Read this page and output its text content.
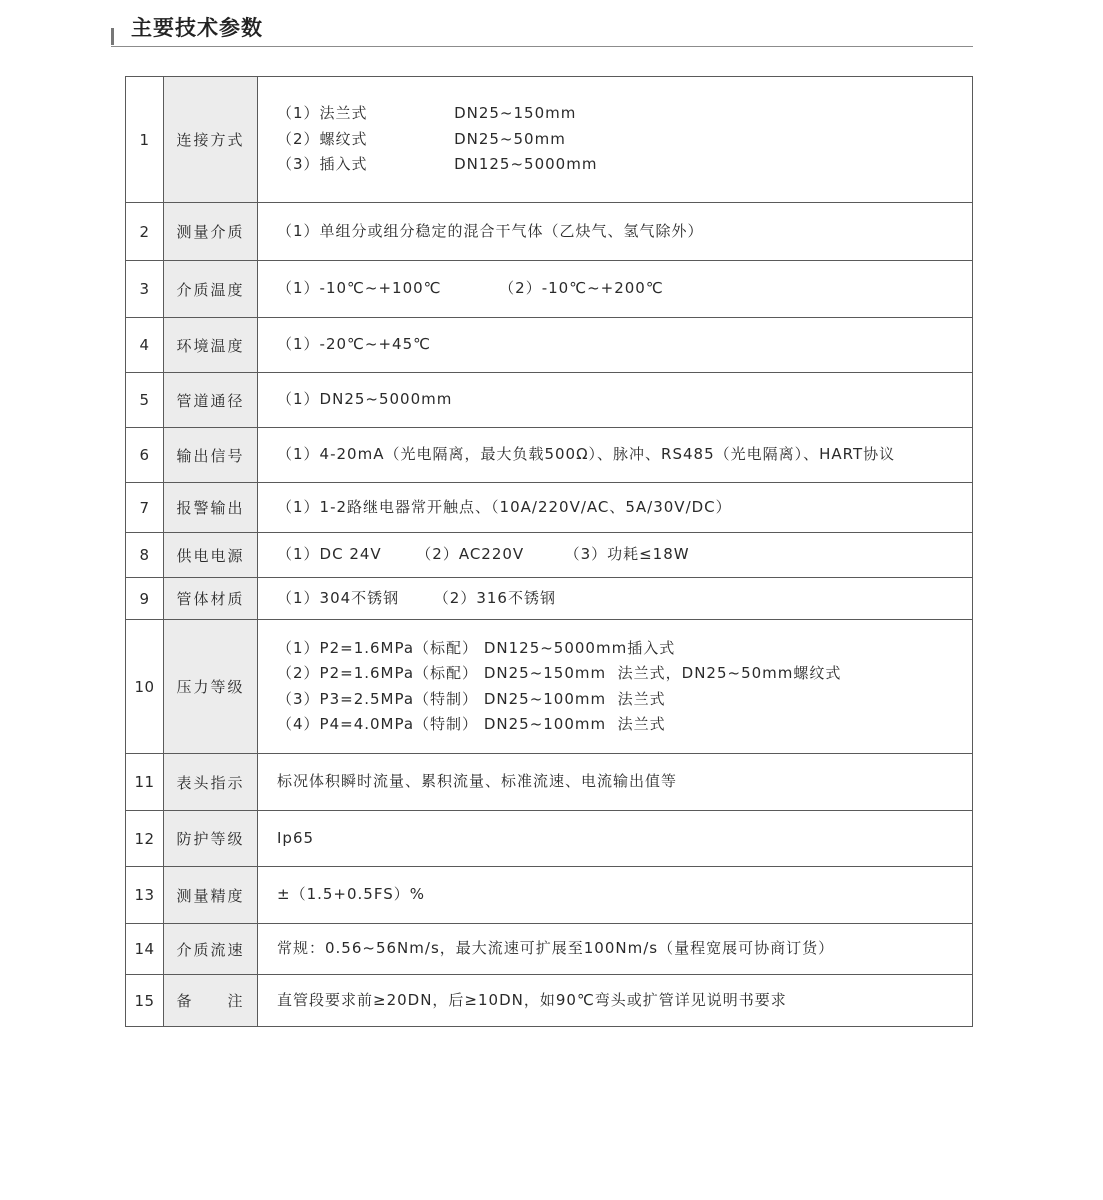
主要技术参数
1	连接方式	（1）法兰式               DN25~150mm
（2）螺纹式               DN25~50mm
（3）插入式               DN125~5000mm

2	测量介质	（1）单组分或组分稳定的混合干气体（乙炔气、氢气除外）

3	介质温度	（1）-10℃~+100℃          （2）-10℃~+200℃

4	环境温度	（1）-20℃~+45℃

5	管道通径	（1）DN25~5000mm

6	输出信号	（1）4-20mA（光电隔离，最大负载500Ω）、脉冲、RS485（光电隔离）、HART协议

7	报警输出	（1）1-2路继电器常开触点、（10A/220V/AC、5A/30V/DC）

8	供电电源	（1）DC 24V      （2）AC220V       （3）功耗≤18W

9	管体材质	（1）304不锈钢      （2）316不锈钢

10	压力等级	（1）P2=1.6MPa（标配） DN125~5000mm插入式
（2）P2=1.6MPa（标配） DN25~150mm  法兰式，DN25~50mm螺纹式
（3）P3=2.5MPa（特制） DN25~100mm  法兰式
（4）P4=4.0MPa（特制） DN25~100mm  法兰式

11	表头指示	标况体积瞬时流量、累积流量、标准流速、电流输出值等

12	防护等级	Ip65

13	测量精度	±（1.5+0.5FS）%

14	介质流速	常规：0.56~56Nm/s，最大流速可扩展至100Nm/s（量程宽展可协商订货）

15	备　　注	直管段要求前≥20DN，后≥10DN，如90℃弯头或扩管详见说明书要求
